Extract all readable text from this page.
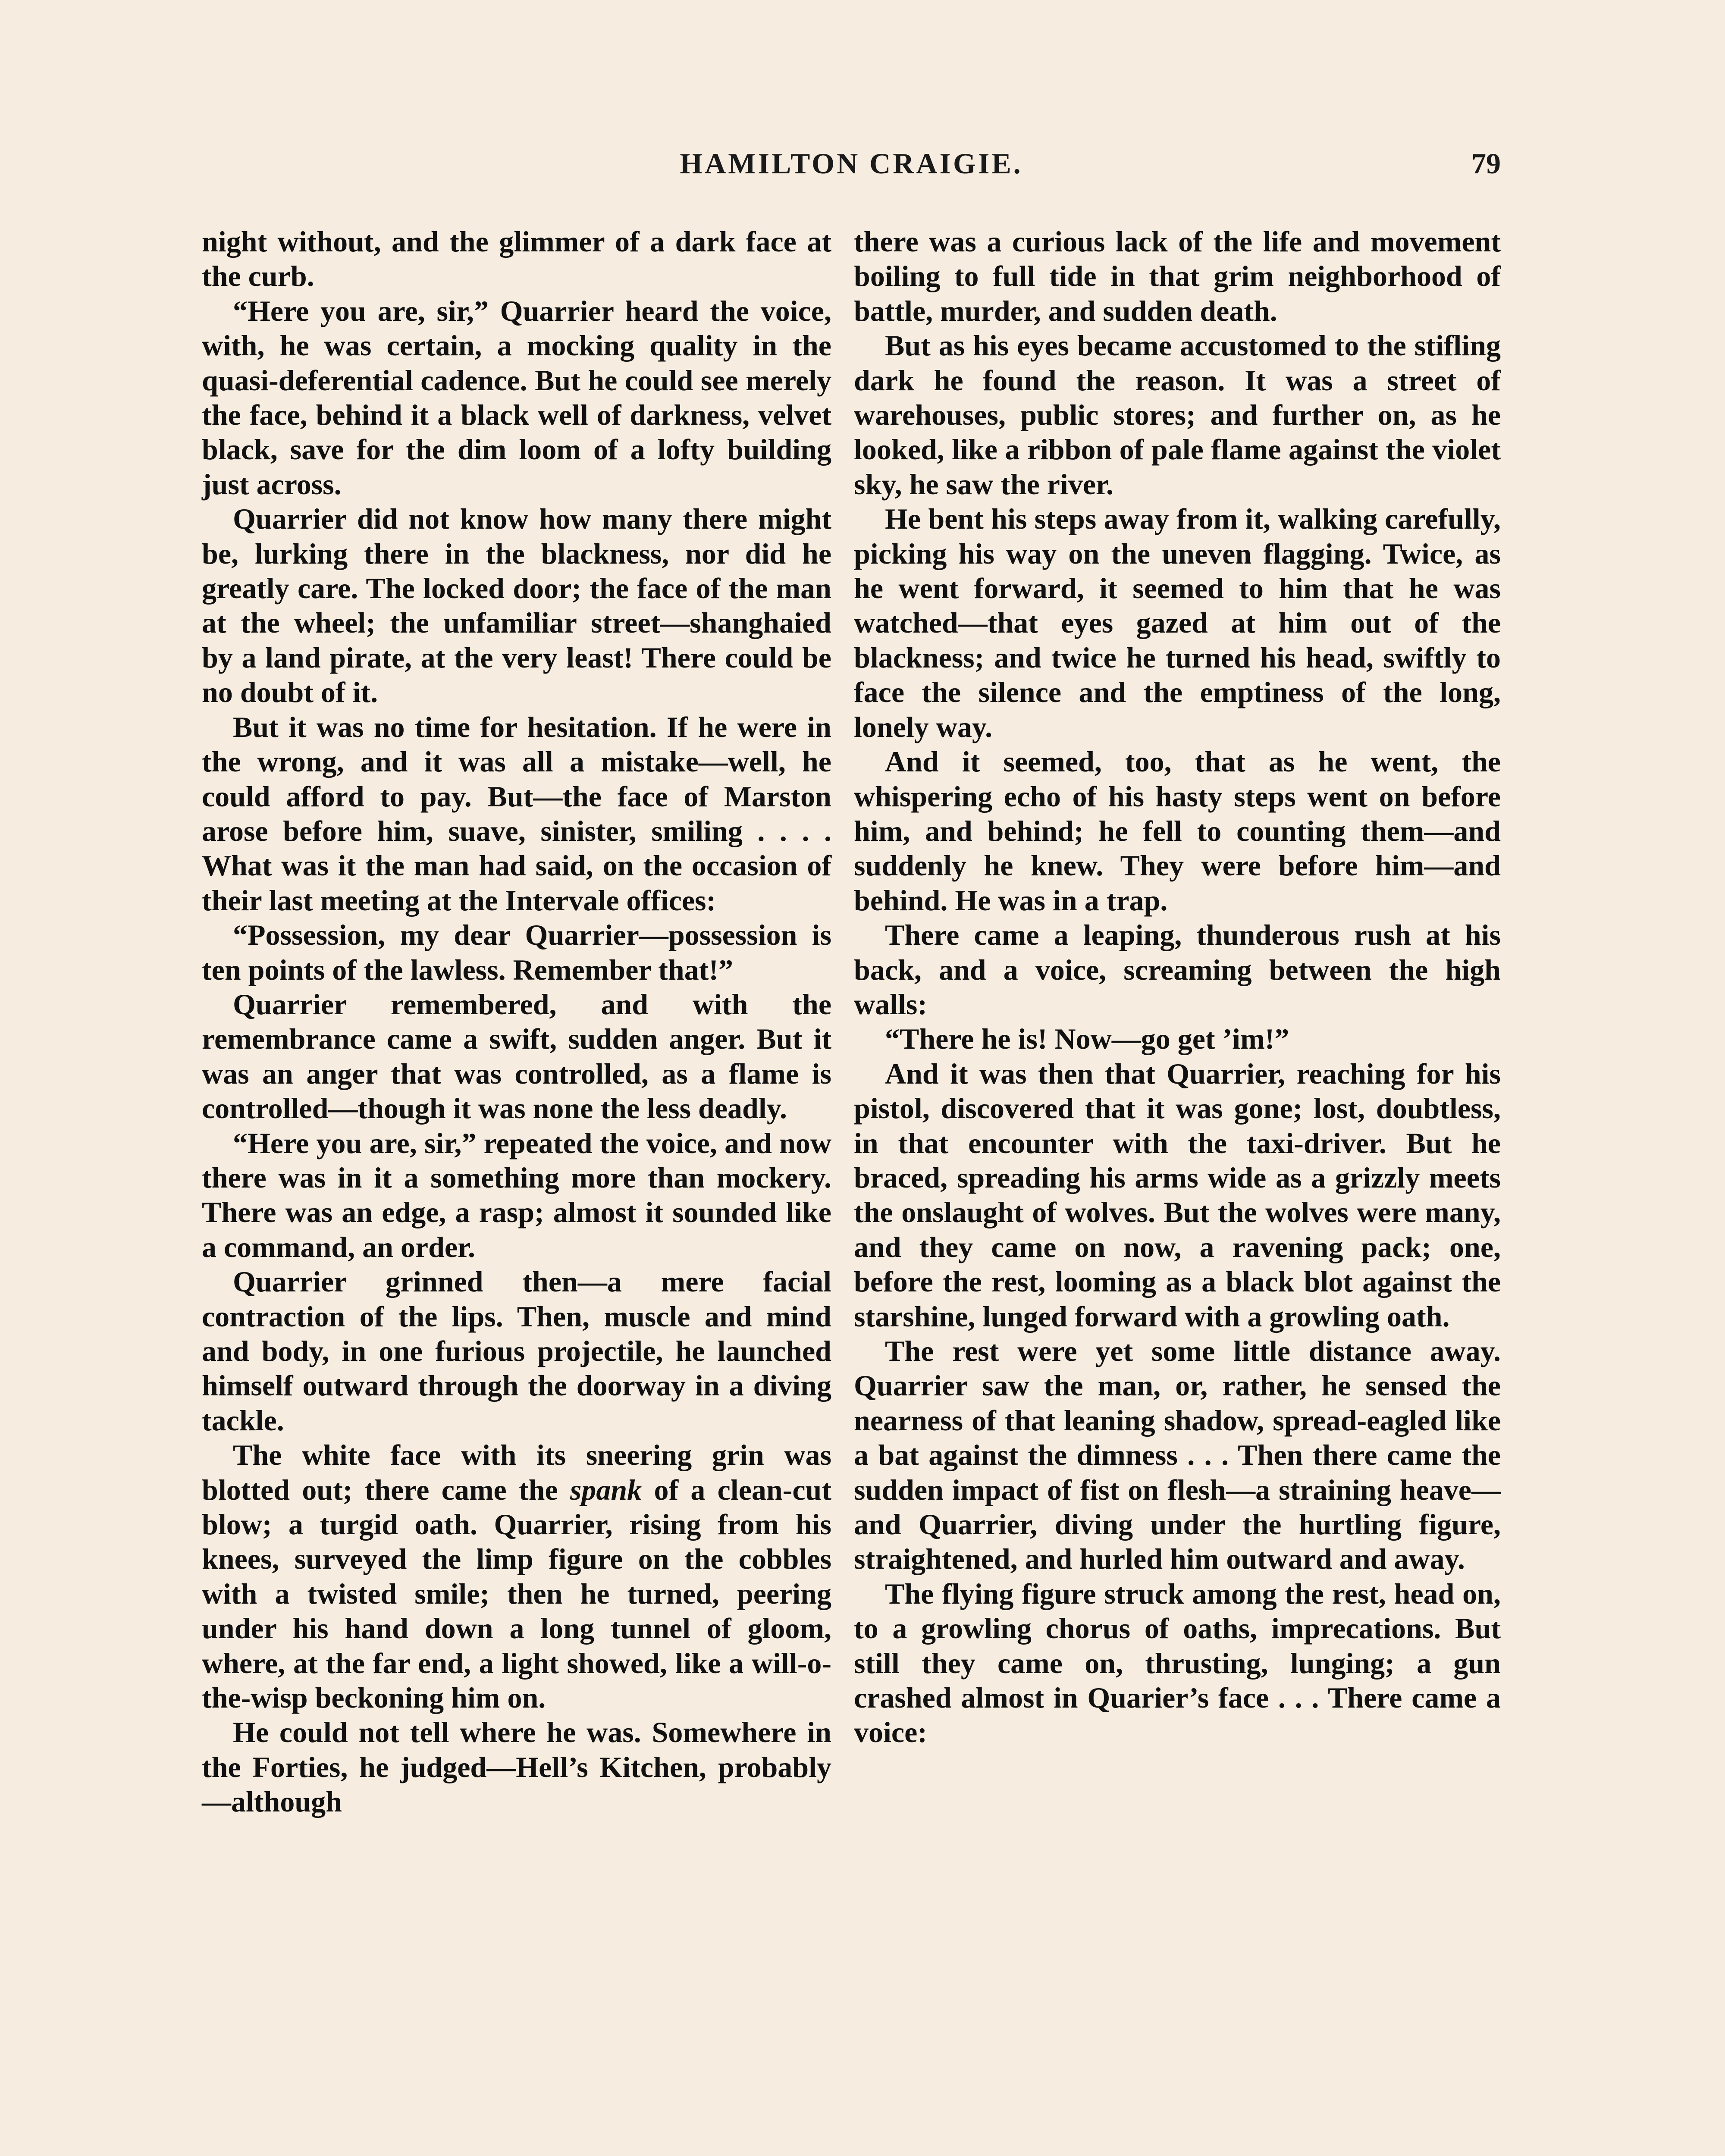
HAMILTON CRAIGIE.	79

night without, and the glimmer of a dark face at the curb.

“Here you are, sir,” Quarrier heard the voice, with, he was certain, a mocking quality in the quasi-deferential cadence. But he could see merely the face, behind it a black well of darkness, velvet black, save for the dim loom of a lofty building just across.

Quarrier did not know how many there might be, lurking there in the blackness, nor did he greatly care. The locked door; the face of the man at the wheel; the unfamiliar street—shanghaied by a land pirate, at the very least! There could be no doubt of it.

But it was no time for hesitation. If he were in the wrong, and it was all a mistake—well, he could afford to pay. But—the face of Marston arose before him, suave, sinister, smiling . . . . What was it the man had said, on the occasion of their last meeting at the Intervale offices:

“Possession, my dear Quarrier—possession is ten points of the lawless. Remember that!”

Quarrier remembered, and with the remembrance came a swift, sudden anger. But it was an anger that was controlled, as a flame is controlled—though it was none the less deadly.

“Here you are, sir,” repeated the voice, and now there was in it a something more than mockery. There was an edge, a rasp; almost it sounded like a command, an order.

Quarrier grinned then—a mere facial contraction of the lips. Then, muscle and mind and body, in one furious projectile, he launched himself outward through the doorway in a diving tackle.

The white face with its sneering grin was blotted out; there came the spank of a clean-cut blow; a turgid oath. Quarrier, rising from his knees, surveyed the limp figure on the cobbles with a twisted smile; then he turned, peering under his hand down a long tunnel of gloom, where, at the far end, a light showed, like a will-o-the-wisp beckoning him on.

He could not tell where he was. Somewhere in the Forties, he judged—Hell’s Kitchen, probably—although

there was a curious lack of the life and movement boiling to full tide in that grim neighborhood of battle, murder, and sudden death.

But as his eyes became accustomed to the stifling dark he found the reason. It was a street of warehouses, public stores; and further on, as he looked, like a ribbon of pale flame against the violet sky, he saw the river.

He bent his steps away from it, walking carefully, picking his way on the uneven flagging. Twice, as he went forward, it seemed to him that he was watched—that eyes gazed at him out of the blackness; and twice he turned his head, swiftly to face the silence and the emptiness of the long, lonely way.

And it seemed, too, that as he went, the whispering echo of his hasty steps went on before him, and behind; he fell to counting them—and suddenly he knew. They were before him—and behind. He was in a trap.

There came a leaping, thunderous rush at his back, and a voice, screaming between the high walls:

“There he is! Now—go get ’im!”

And it was then that Quarrier, reaching for his pistol, discovered that it was gone; lost, doubtless, in that encounter with the taxi-driver. But he braced, spreading his arms wide as a grizzly meets the onslaught of wolves. But the wolves were many, and they came on now, a ravening pack; one, before the rest, looming as a black blot against the starshine, lunged forward with a growling oath.

The rest were yet some little distance away. Quarrier saw the man, or, rather, he sensed the nearness of that leaning shadow, spread-eagled like a bat against the dimness . . . Then there came the sudden impact of fist on flesh—a straining heave—and Quarrier, diving under the hurtling figure, straightened, and hurled him outward and away.

The flying figure struck among the rest, head on, to a growling chorus of oaths, imprecations. But still they came on, thrusting, lunging; a gun crashed almost in Quarier’s face . . . There came a voice:
